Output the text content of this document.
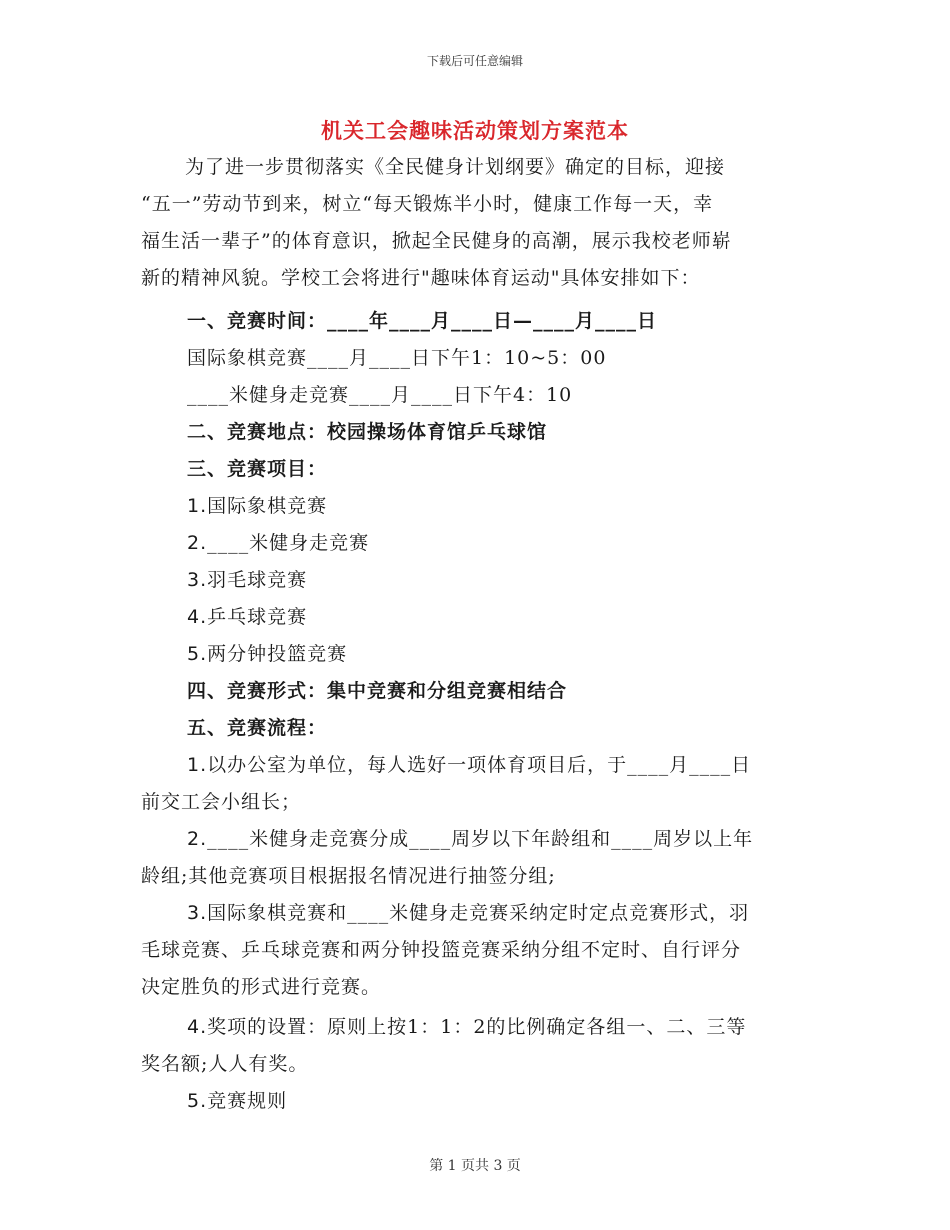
下载后可任意编辑
机关工会趣味活动策划方案范本
为了进一步贯彻落实《全民健身计划纲要》确定的目标，迎接
“五一”劳动节到来，树立“每天锻炼半小时，健康工作每一天，幸
福生活一辈子”的体育意识，掀起全民健身的高潮，展示我校老师崭
新的精神风貌。学校工会将进行"趣味体育运动"具体安排如下：
一、竞赛时间：____年____月____日—____月____日
国际象棋竞赛____月____日下午1：10~5：00
____米健身走竞赛____月____日下午4：10
二、竞赛地点：校园操场体育馆乒乓球馆
三、竞赛项目：
1.国际象棋竞赛
2.____米健身走竞赛
3.羽毛球竞赛
4.乒乓球竞赛
5.两分钟投篮竞赛
四、竞赛形式：集中竞赛和分组竞赛相结合
五、竞赛流程：
1.以办公室为单位，每人选好一项体育项目后，于____月____日
前交工会小组长；
2.____米健身走竞赛分成____周岁以下年龄组和____周岁以上年
龄组;其他竞赛项目根据报名情况进行抽签分组;
3.国际象棋竞赛和____米健身走竞赛采纳定时定点竞赛形式，羽
毛球竞赛、乒乓球竞赛和两分钟投篮竞赛采纳分组不定时、自行评分
决定胜负的形式进行竞赛。
4.奖项的设置：原则上按1：1：2的比例确定各组一、二、三等
奖名额;人人有奖。
5.竞赛规则
第 1 页共 3 页
